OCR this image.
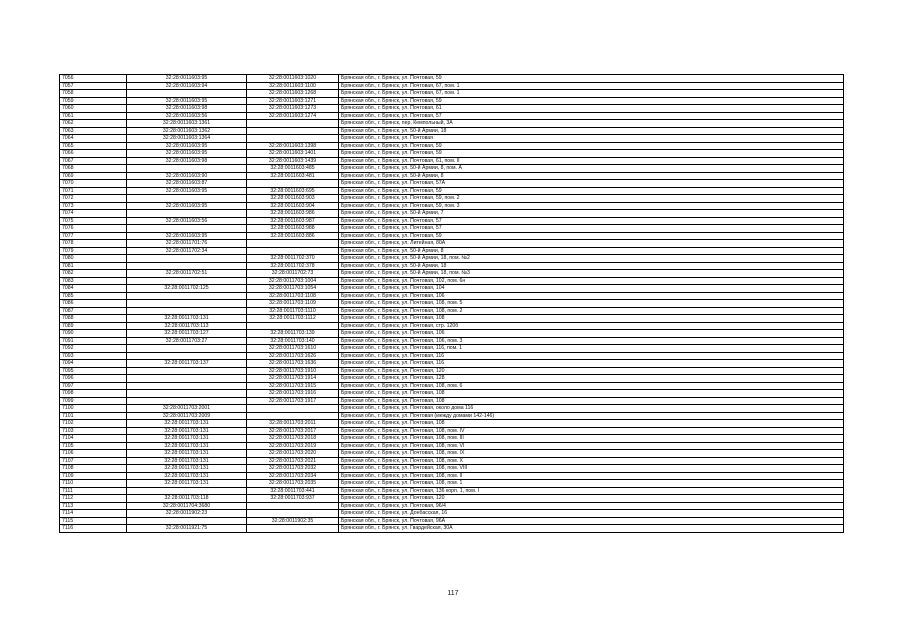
7056	32:28:0011603:95	32:28:0011603:1020	Брянская обл., г. Брянск, ул. Почтовая, 59
7057	32:28:0011603:94	32:28:0011603:1100	Брянская обл., г. Брянск, ул. Почтовая, 67, пом. 1
7058		32:28:0011603:1268	Брянская обл., г. Брянск, ул. Почтовая, 67, пом. 1
7059	32:28:0011603:95	32:28:0011603:1271	Брянская обл., г. Брянск, ул. Почтовая, 59
7060	32:28:0011603:98	32:28:0011603:1273	Брянская обл., г. Брянск, ул. Почтовая, 61
7061	32:28:0011603:56	32:28:0011603:1274	Брянская обл., г. Брянск, ул. Почтовая, 57
7062	32:28:0011603:1361		Брянская обл., г. Брянск, пер. Кемпольный, 3А
7063	32:28:0011603:1362		Брянская обл., г. Брянск, ул. 50-й Армии, 18
7064	32:28:0011603:1364		Брянская обл., г. Брянск, ул. Почтовая
7065	32:28:0011603:95	32:28:0011603:1398	Брянская обл., г. Брянск, ул. Почтовая, 59
7066	32:28:0011603:95	32:28:0011603:1401	Брянская обл., г. Брянск, ул. Почтовая, 59
7067	32:28:0011603:98	32:28:0011603:1439	Брянская обл., г. Брянск, ул. Почтовая, 61, пом. II
7068		32:28:0011603:485	Брянская обл., г. Брянск, ул. 50-й Армии, 8, пом. А
7069	32:28:0011603:90	32:28:0011603:481	Брянская обл., г. Брянск, ул. 50-й Армии, 8
7070	32:28:0011603:87		Брянская обл., г. Брянск, ул. Почтовая, 57А
7071	32:28:0011603:95	32:28:0011603:695	Брянская обл., г. Брянск, ул. Почтовая, 59
7072		32:28:0011603:903	Брянская обл., г. Брянск, ул. Почтовая, 59, пом. 2
7073	32:28:0011603:95	32:28:0011603:904	Брянская обл., г. Брянск, ул. Почтовая, 59, пом. 3
7074		32:28:0011603:986	Брянская обл., г. Брянск, ул. 50-й Армии, 7
7075	32:28:0011603:56	32:28:0011603:987	Брянская обл., г. Брянск, ул. Почтовая, 57
7076		32:28:0011603:988	Брянская обл., г. Брянск, ул. Почтовая, 57
7077	32:28:0011603:95	32:28:0011603:886	Брянская обл., г. Брянск, ул. Почтовая, 59
7078	32:28:0011701:76		Брянская обл., г. Брянск, ул. Литейная, 80А
7079	32:28:0011702:34		Брянская обл., г. Брянск, ул. 50-й Армии, 8
7080		32:28:0011702:370	Брянская обл., г. Брянск, ул. 50-й Армии, 18, пом. №2
7081		32:28:0011702:378	Брянская обл., г. Брянск, ул. 50-й Армии, 18
7082	32:28:0011702:51	32:28:0011702:73	Брянская обл., г. Брянск, ул. 50-й Армии, 18, пом. №3
7083		32:28:0011703:1004	Брянская обл., г. Брянск, ул. Почтовая, 102, пом. 6н
7084	32:28:0011702:125	32:28:0011703:1054	Брянская обл., г. Брянск, ул. Почтовая, 104
7085		32:28:0011703:1108	Брянская обл., г. Брянск, ул. Почтовая, 106
7086		32:28:0011703:1109	Брянская обл., г. Брянск, ул. Почтовая, 108, пом. 5
7087		32:28:0011703:1110	Брянская обл., г. Брянск, ул. Почтовая, 108, пом. 2
7088	32:28:0011703:131	32:28:0011703:1112	Брянская обл., г. Брянск, ул. Почтовая, 108
7089	32:28:0011703:113		Брянская обл., г. Брянск, ул. Почтовая, стр. 120б
7090	32:28:0011703:127	32:28:0011703:139	Брянская обл., г. Брянск, ул. Почтовая, 106
7091	32:28:0011703:27	32:28:0011703:140	Брянская обл., г. Брянск, ул. Почтовая, 106, пом. 3
7092		32:28:0011703:1610	Брянская обл., г. Брянск, ул. Почтовая, 116, пом. 1
7093		32:28:0011703:1626	Брянская обл., г. Брянск, ул. Почтовая, 116
7094	32:28:0011703:137	32:28:0011703:1636	Брянская обл., г. Брянск, ул. Почтовая, 116
7095		32:28:0011703:1910	Брянская обл., г. Брянск, ул. Почтовая, 120
7096		32:28:0011703:1914	Брянская обл., г. Брянск, ул. Почтовая, 128
7097		32:28:0011703:1915	Брянская обл., г. Брянск, ул. Почтовая, 108, пом. 6
7098		32:28:0011703:1916	Брянская обл., г. Брянск, ул. Почтовая, 108
7099		32:28:0011703:1917	Брянская обл., г. Брянск, ул. Почтовая, 108
7100	32:28:0011703:2001		Брянская обл., г. Брянск, ул. Почтовая, около дома 116
7101	32:28:0011703:2009		Брянская обл., г. Брянск, ул. Почтовая (между домами 142-146)
7102	32:28:0011703:131	32:28:0011703:2011	Брянская обл., г. Брянск, ул. Почтовая, 108
7103	32:28:0011703:131	32:28:0011703:2017	Брянская обл., г. Брянск, ул. Почтовая, 108, пом. IV
7104	32:28:0011703:131	32:28:0011703:2018	Брянская обл., г. Брянск, ул. Почтовая, 108, пом. III
7105	32:28:0011703:131	32:28:0011703:2019	Брянская обл., г. Брянск, ул. Почтовая, 108, пом. VI
7106	32:28:0011703:131	32:28:0011703:2020	Брянская обл., г. Брянск, ул. Почтовая, 108, пом. IX
7107	32:28:0011703:131	32:28:0011703:2021	Брянская обл., г. Брянск, ул. Почтовая, 108, пом. X
7108	32:28:0011703:131	32:28:0011703:2032	Брянская обл., г. Брянск, ул. Почтовая, 108, пом. VIII
7109	32:28:0011703:131	32:28:0011703:2034	Брянская обл., г. Брянск, ул. Почтовая, 108, пом. II
7110	32:28:0011703:131	32:28:0011703:2035	Брянская обл., г. Брянск, ул. Почтовая, 108, пом. 1
7111		32:28:0011703:441	Брянская обл., г. Брянск, ул. Почтовая, 136 корп. 1, пом. I
7112	32:28:0011703:118	32:28:0011703:937	Брянская обл., г. Брянск, ул. Почтовая, 120
7113	32:28:0011704:3680		Брянская обл., г. Брянск, ул. Почтовая, 96/4
7114	32:28:0011902:23		Брянская обл., г. Брянск, ул. Донбасская, 16
7115		32:28:0011902:35	Брянская обл., г. Брянск, ул. Почтовая, 96А
7116	32:28:0011921:75		Брянская обл., г. Брянск, ул. Гвардейская, 30А
117
